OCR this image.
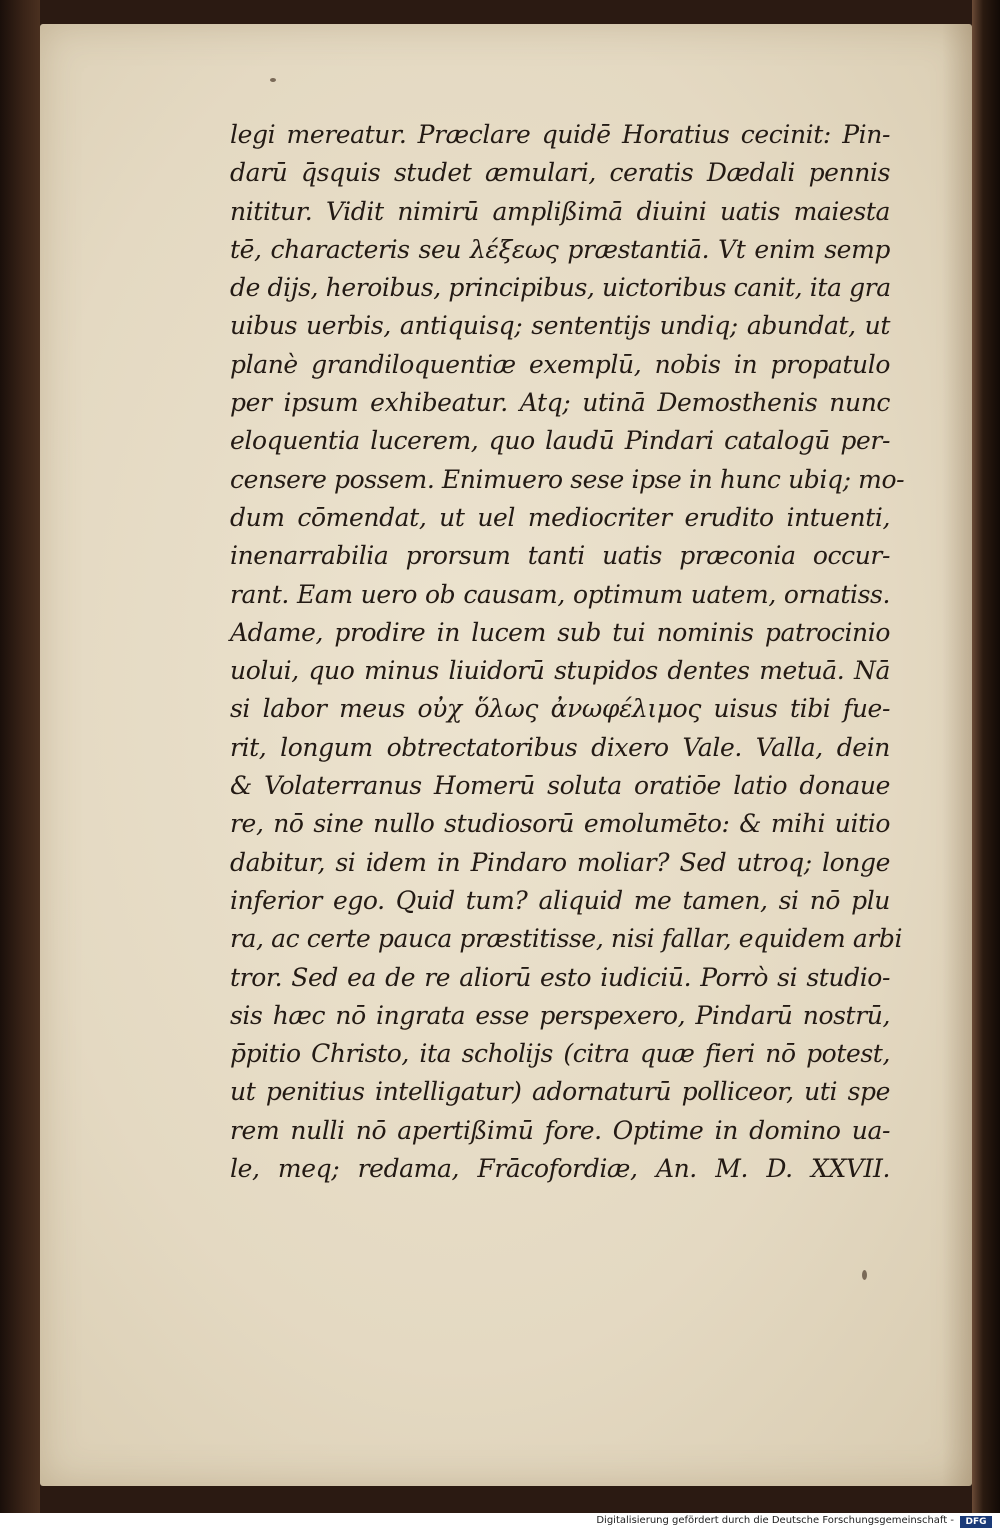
legi mereatur. Præclare quidē Horatius cecinit: Pin-
darū q̄squis studet æmulari, ceratis Dædali pennis
nititur. Vidit nimirū amplißimā diuini uatis maiesta
tē, characteris seu λέξεως præstantiā. Vt enim semp
de dijs, heroibus, principibus, uictoribus canit, ita gra
uibus uerbis, antiquisq; sententijs undiq; abundat, ut
planè grandiloquentiæ exemplū, nobis in propatulo
per ipsum exhibeatur. Atq; utinā Demosthenis nunc
eloquentia lucerem, quo laudū Pindari catalogū per-
censere possem. Enimuero sese ipse in hunc ubiq; mo-
dum cōmendat, ut uel mediocriter erudito intuenti,
inenarrabilia prorsum tanti uatis præconia occur-
rant. Eam uero ob causam, optimum uatem, ornatiss.
Adame, prodire in lucem sub tui nominis patrocinio
uolui, quo minus liuidorū stupidos dentes metuā. Nā
si labor meus οὐχ ὅλως ἀνωφέλιμος uisus tibi fue-
rit, longum obtrectatoribus dixero Vale. Valla, dein
& Volaterranus Homerū soluta oratiōe latio donaue
re, nō sine nullo studiosorū emolumēto: & mihi uitio
dabitur, si idem in Pindaro moliar? Sed utroq; longe
inferior ego. Quid tum? aliquid me tamen, si nō plu
ra, ac certe pauca præstitisse, nisi fallar, equidem arbi
tror. Sed ea de re aliorū esto iudiciū. Porrò si studio-
sis hæc nō ingrata esse perspexero, Pindarū nostrū,
p̄pitio Christo, ita scholijs (citra quæ fieri nō potest,
ut penitius intelligatur) adornaturū polliceor, uti spe
rem nulli nō apertißimū fore. Optime in domino ua-
le, meq; redama, Frācofordiæ, An. M. D. XXVII.
Digitalisierung gefördert durch die Deutsche Forschungsgemeinschaft -	DFG
